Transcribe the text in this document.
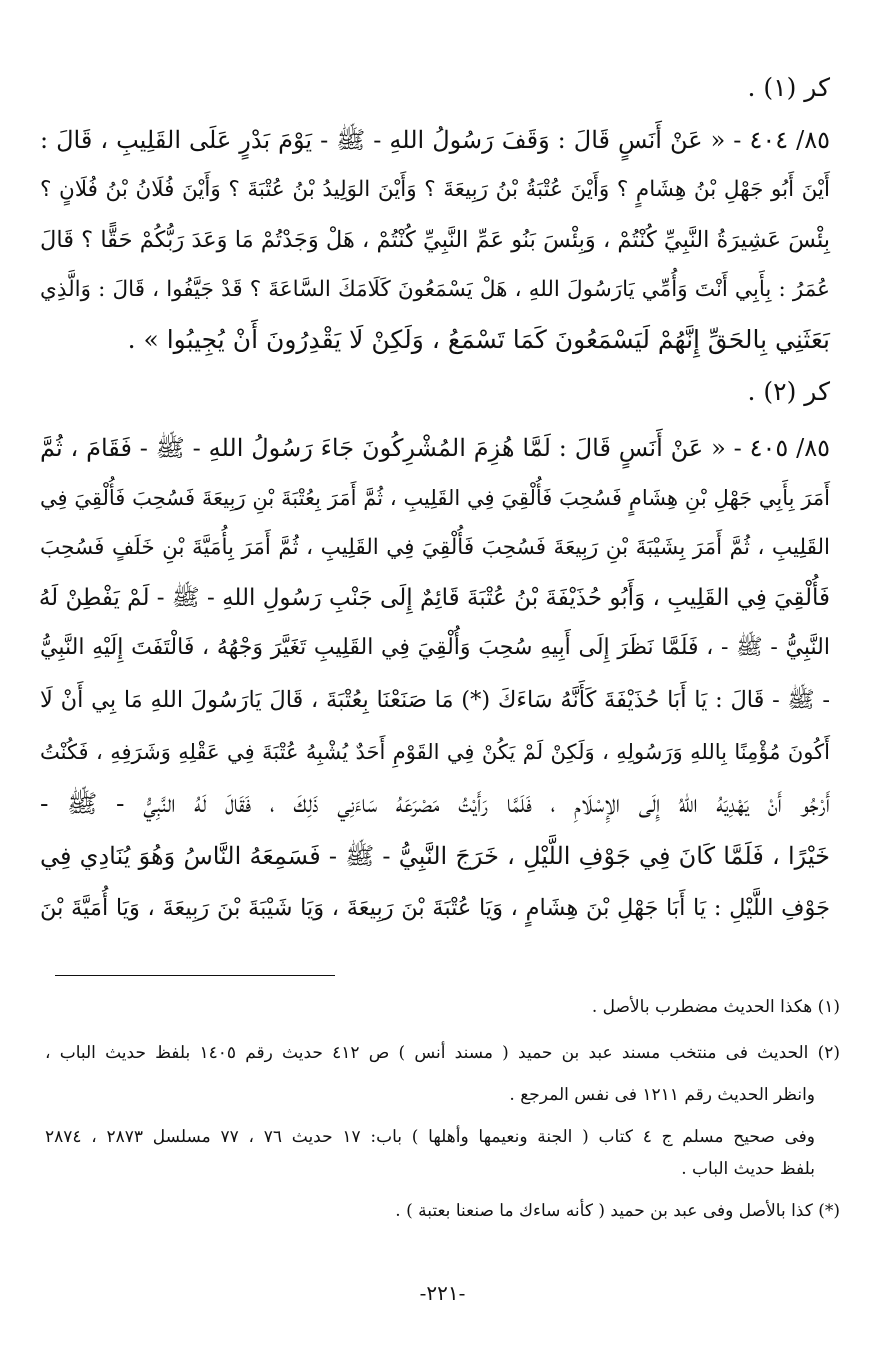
كر (١) .
٨٥/ ٤٠٤ - « عَنْ أَنَسٍ قَالَ : وَقَفَ رَسُولُ اللهِ - ﷺ - يَوْمَ بَدْرٍ عَلَى القَلِيبِ ، قَالَ :
أَيْنَ أَبُو جَهْلِ بْنُ هِشَامٍ ؟ وَأَيْنَ عُتْبَةُ بْنُ رَبِيعَةَ ؟ وَأَيْنَ الوَلِيدُ بْنُ عُتْبَةَ ؟ وَأَيْنَ فُلَانُ بْنُ فُلَانٍ ؟
بِئْسَ عَشِيرَةُ النَّبِيِّ كُنْتُمْ ، وَبِئْسَ بَنُو عَمِّ النَّبِيِّ كُنْتُمْ ، هَلْ وَجَدْتُمْ مَا وَعَدَ رَبُّكُمْ حَقًّا ؟ قَالَ
عُمَرُ : بِأَبِي أَنْتَ وَأُمِّي يَارَسُولَ اللهِ ، هَلْ يَسْمَعُونَ كَلَامَكَ السَّاعَةَ ؟ قَدْ جَيَّفُوا ، قَالَ : وَالَّذِي
بَعَثَنِي بِالحَقِّ إِنَّهُمْ لَيَسْمَعُونَ كَمَا تَسْمَعُ ، وَلَكِنْ لَا يَقْدِرُونَ أَنْ يُجِيبُوا » .
كر (٢) .
٨٥/ ٤٠٥ - « عَنْ أَنَسٍ قَالَ : لَمَّا هُزِمَ المُشْرِكُونَ جَاءَ رَسُولُ اللهِ - ﷺ - فَقَامَ ، ثُمَّ
أَمَرَ بِأَبِي جَهْلِ بْنِ هِشَامٍ فَسُحِبَ فَأُلْقِيَ فِي القَلِيبِ ، ثُمَّ أَمَرَ بِعُتْبَةَ بْنِ رَبِيعَةَ فَسُحِبَ فَأُلْقِيَ فِي
القَلِيبِ ، ثُمَّ أَمَرَ بِشَيْبَةَ بْنِ رَبِيعَةَ فَسُحِبَ فَأُلْقِيَ فِي القَلِيبِ ، ثُمَّ أَمَرَ بِأُمَيَّةَ بْنِ خَلَفٍ فَسُحِبَ
فَأُلْقِيَ فِي القَلِيبِ ، وَأَبُو حُذَيْفَةَ بْنُ عُتْبَةَ قَائِمٌ إِلَى جَنْبِ رَسُولِ اللهِ - ﷺ - لَمْ يَفْطِنْ لَهُ
النَّبِيُّ - ﷺ - ، فَلَمَّا نَظَرَ إِلَى أَبِيهِ سُحِبَ وَأُلْقِيَ فِي القَلِيبِ تَغَيَّرَ وَجْهُهُ ، فَالْتَفَتَ إِلَيْهِ النَّبِيُّ
- ﷺ - قَالَ : يَا أَبَا حُذَيْفَةَ كَأَنَّهُ سَاءَكَ (*) مَا صَنَعْنَا بِعُتْبَةَ ، قَالَ يَارَسُولَ اللهِ مَا بِي أَنْ لَا
أَكُونَ مُؤْمِنًا بِاللهِ وَرَسُولِهِ ، وَلَكِنْ لَمْ يَكُنْ فِي القَوْمِ أَحَدٌ يُشْبِهُ عُتْبَةَ فِي عَقْلِهِ وَشَرَفِهِ ، فَكُنْتُ
أَرْجُو أَنْ يَهْدِيَهُ اللهُ إِلَى الإِسْلَامِ ، فَلَمَّا رَأَيْتُ مَصْرَعَهُ سَاءَنِي ذَلِكَ ، فَقَالَ لَهُ النَّبِيُّ - ﷺ -
خَيْرًا ، فَلَمَّا كَانَ فِي جَوْفِ اللَّيْلِ ، خَرَجَ النَّبِيُّ - ﷺ - فَسَمِعَهُ النَّاسُ وَهُوَ يُنَادِي فِي
جَوْفِ اللَّيْلِ : يَا أَبَا جَهْلِ بْنَ هِشَامٍ ، وَيَا عُتْبَةَ بْنَ رَبِيعَةَ ، وَيَا شَيْبَةَ بْنَ رَبِيعَةَ ، وَيَا أُمَيَّةَ بْنَ
(١) هكذا الحديث مضطرب بالأصل .
(٢) الحديث فى منتخب مسند عبد بن حميد ( مسند أنس ) ص ٤١٢ حديث رقم ١٤٠٥ بلفظ حديث الباب ،
وانظر الحديث رقم ١٢١١ فى نفس المرجع .
وفى صحيح مسلم ج ٤ كتاب ( الجنة ونعيمها وأهلها ) باب: ١٧ حديث ٧٦ ، ٧٧ مسلسل ٢٨٧٣ ، ٢٨٧٤
بلفظ حديث الباب .
(*) كذا بالأصل وفى عبد بن حميد ( كأنه ساءك ما صنعنا بعتبة ) .
-٢٢١-
